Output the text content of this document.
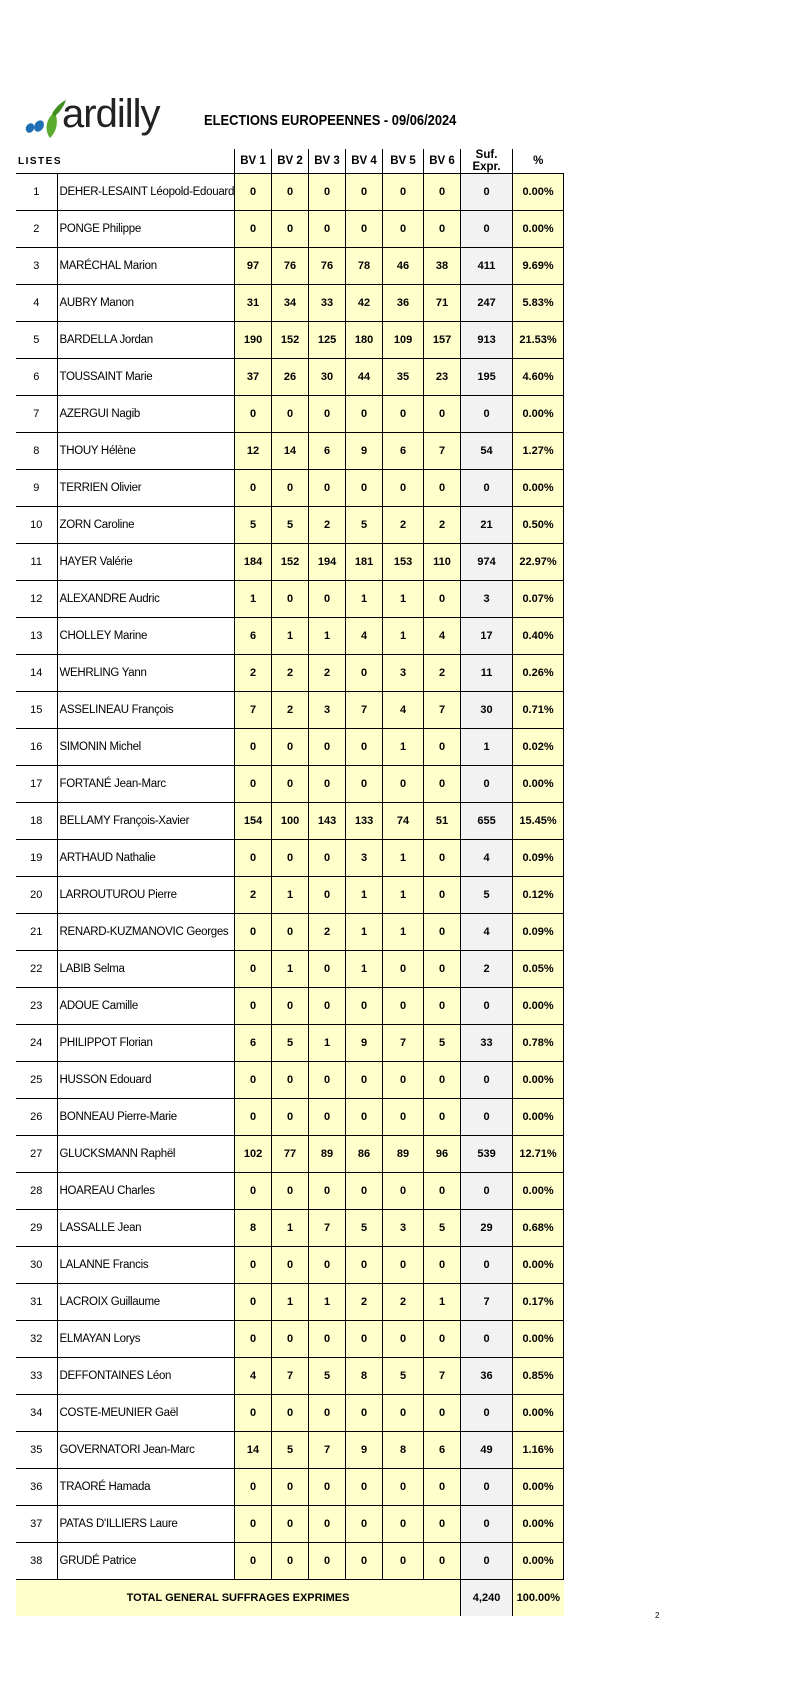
ardilly	ELECTIONS EUROPEENNES - 09/06/2024
LISTES		BV 1	BV 2	BV 3	BV 4	BV 5	BV 6	Suf. Expr.	%
1	DEHER-LESAINT Léopold-Edouard	0	0	0	0	0	0	0	0.00%
2	PONGE Philippe	0	0	0	0	0	0	0	0.00%
3	MARÉCHAL Marion	97	76	76	78	46	38	411	9.69%
4	AUBRY Manon	31	34	33	42	36	71	247	5.83%
5	BARDELLA Jordan	190	152	125	180	109	157	913	21.53%
6	TOUSSAINT Marie	37	26	30	44	35	23	195	4.60%
7	AZERGUI Nagib	0	0	0	0	0	0	0	0.00%
8	THOUY Hélène	12	14	6	9	6	7	54	1.27%
9	TERRIEN Olivier	0	0	0	0	0	0	0	0.00%
10	ZORN Caroline	5	5	2	5	2	2	21	0.50%
11	HAYER Valérie	184	152	194	181	153	110	974	22.97%
12	ALEXANDRE Audric	1	0	0	1	1	0	3	0.07%
13	CHOLLEY Marine	6	1	1	4	1	4	17	0.40%
14	WEHRLING Yann	2	2	2	0	3	2	11	0.26%
15	ASSELINEAU François	7	2	3	7	4	7	30	0.71%
16	SIMONIN Michel	0	0	0	0	1	0	1	0.02%
17	FORTANÉ Jean-Marc	0	0	0	0	0	0	0	0.00%
18	BELLAMY François-Xavier	154	100	143	133	74	51	655	15.45%
19	ARTHAUD Nathalie	0	0	0	3	1	0	4	0.09%
20	LARROUTUROU Pierre	2	1	0	1	1	0	5	0.12%
21	RENARD-KUZMANOVIC Georges	0	0	2	1	1	0	4	0.09%
22	LABIB Selma	0	1	0	1	0	0	2	0.05%
23	ADOUE Camille	0	0	0	0	0	0	0	0.00%
24	PHILIPPOT Florian	6	5	1	9	7	5	33	0.78%
25	HUSSON Edouard	0	0	0	0	0	0	0	0.00%
26	BONNEAU Pierre-Marie	0	0	0	0	0	0	0	0.00%
27	GLUCKSMANN Raphël	102	77	89	86	89	96	539	12.71%
28	HOAREAU Charles	0	0	0	0	0	0	0	0.00%
29	LASSALLE Jean	8	1	7	5	3	5	29	0.68%
30	LALANNE Francis	0	0	0	0	0	0	0	0.00%
31	LACROIX Guillaume	0	1	1	2	2	1	7	0.17%
32	ELMAYAN Lorys	0	0	0	0	0	0	0	0.00%
33	DEFFONTAINES Léon	4	7	5	8	5	7	36	0.85%
34	COSTE-MEUNIER Gaël	0	0	0	0	0	0	0	0.00%
35	GOVERNATORI Jean-Marc	14	5	7	9	8	6	49	1.16%
36	TRAORÉ Hamada	0	0	0	0	0	0	0	0.00%
37	PATAS D'ILLIERS Laure	0	0	0	0	0	0	0	0.00%
38	GRUDÉ Patrice	0	0	0	0	0	0	0	0.00%
TOTAL GENERAL SUFFRAGES EXPRIMES								4,240	100.00%
2
